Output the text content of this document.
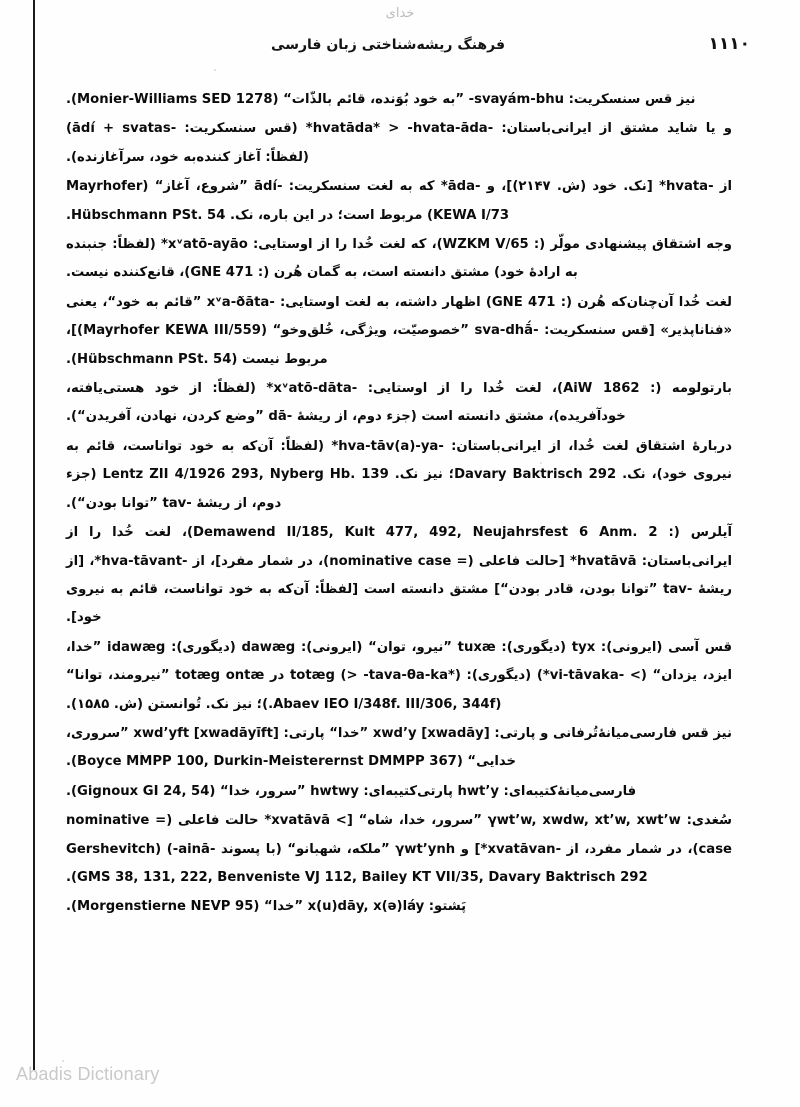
خدای
۱۱۱۰
فرهنگ ریشه‌شناختی زبان فارسی

نیز قس سنسکریت: svayám‑bhu‑ ”به خود بُوَنده، قائم بالذّات“ (Monier‑Williams SED 1278).

و یا شاید مشتق از ایرانی‌باستان: ‑hvatāda* > ‑hvata‑āda* (قس سنسکریت: ‑ādí + svatas) (لفظاً: آغاز کننده‌به خود، سرآغازنده).

از ‑hvata* [نک. خود (ش. ۲۱۴۷)]، و ‑āda* که به لغت سنسکریت: ‑ādí ”شروع، آغاز“ (Mayrhofer KEWA I/73) مربوط است؛ در این باره، نک. Hübschmann PSt. 54.

وجه اشتقاق پیشنهادی مولّر (: WZKM V/65)، که لغت خُدا را از اوستایی: xᵛatō‑ayāo* (لفظاً: جنبنده به ارادۀ خود) مشتق دانسته است، به گمان هُرن (: GNE 471)، قانع‌کننده نیست.

لغت خُدا آن‌چنان‌که هُرن (: GNE 471) اظهار داشته، به لغت اوستایی: ‑xᵛa‑ðāta ”قائم به خود“، یعنی «فناناپذیر» [قس سنسکریت: ‑sva‑dhā́ ”خصوصیّت، ویژگی، خُلق‌وخو“ (Mayrhofer KEWA III/559)]، مربوط نیست (Hübschmann PSt. 54).

بارتولومه (: AiW 1862)، لغت خُدا را از اوستایی: ‑xᵛatō‑dāta* (لفظاً: از خود هستی‌یافته، خودآفریده)، مشتق دانسته است (جزء دوم، از ریشۀ ‑dā ”وضع کردن، نهادن، آفریدن“).

دربارۀ اشتقاق لغت خُدا، از ایرانی‌باستان: ‑hva‑tāv(a)‑ya* (لفظاً: آن‌که به خود تواناست، قائم به نیروی خود)، نک. Davary Baktrisch 292؛ نیز نک. Lentz ZII 4/1926 293, Nyberg Hb. 139 (جزء دوم، از ریشۀ ‑tav ”توانا بودن“).

آیلرس (: Demawend II/185, Kult 477, 492, Neujahrsfest 6 Anm. 2)، لغت خُدا را از ایرانی‌باستان: hvatāvā* [حالت فاعلی (= nominative case)، در شمار مفرد]، از ‑hva‑tāvant*، [از ریشۀ ‑tav ”توانا بودن، قادر بودن“] مشتق دانسته است [لفظاً: آن‌که به خود تواناست، قائم به نیروی خود].

قس آسی (ایرونی): tyx (دیگوری): tuxæ ”نیرو، توان“ (ایرونی): dawæg (دیگوری): idawæg ”خدا، ایزد، یزدان“ (> ‑vi‑tāvaka*) (دیگوری): totæg (> ‑tava‑θa‑ka*) در totæg ontæ ”نیرومند، توانا“ (Abaev IEO I/348f. III/306, 344f.)؛ نیز نک. تُوانستن (ش. ۱۵۸۵).

نیز قس فارسی‌میانۀ‌تُرفانی و پارتی: xwd’y [xwadāy] ”خدا“ پارتی: xwd’yft [xwadāyīft] ”سروری، خدایی“ (Boyce MMPP 100, Durkin‑Meisterernst DMMPP 367).

فارسی‌میانۀ‌کتیبه‌ای: hwt’y پارتی‌کتیبه‌ای: hwtwy ”سرور، خدا“ (Gignoux GI 24, 54).

سُغدی: γwt’w, xwdw, xt’w, xwt’w ”سرور، خدا، شاه“ [> xvatāvā* حالت فاعلی (= nominative case)، در شمار مفرد، از ‑xvatāvan*] و γwt’ynh ”ملکه، شهبانو“ (با پسوند ‑ainā‑) (Gershevitch GMS 38, 131, 222, Benveniste VJ 112, Bailey KT VII/35, Davary Baktrisch 292).

پَشتو: x(u)dāy, x(ə)láy ”خدا“ (Morgenstierne NEVP 95).

Abadis Dictionary
